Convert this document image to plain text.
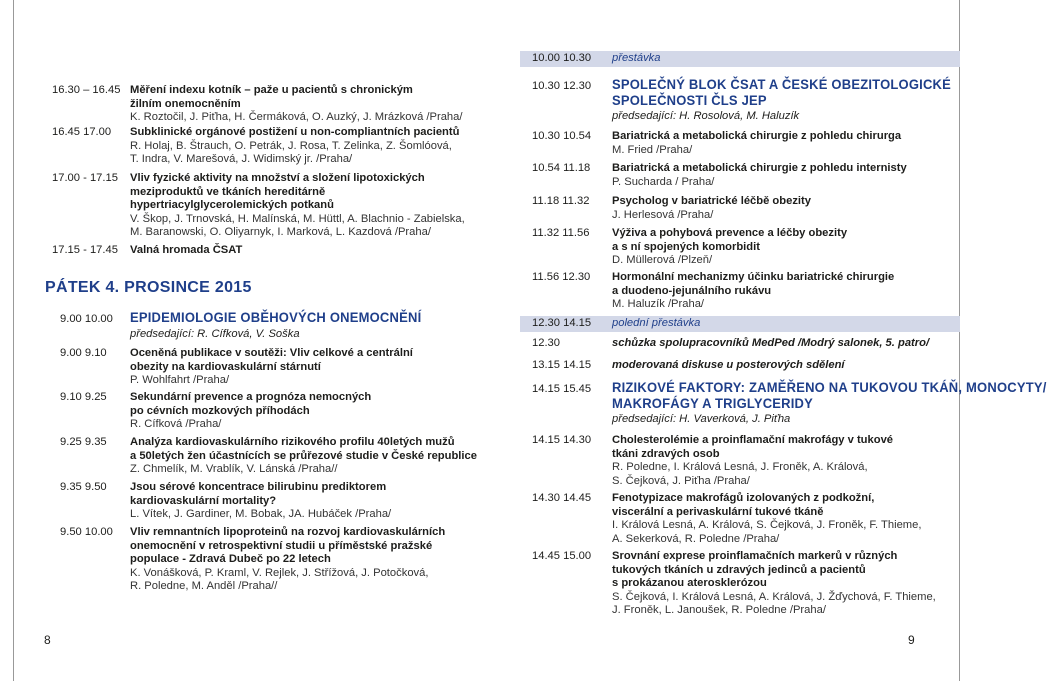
16.30 – 16.45 Měření indexu kotník – paže u pacientů s chronickým
žilním onemocněním
K. Roztočil, J. Piťha, H. Čermáková, O. Auzký, J. Mrázková /Praha/
16.45 17.00 Subklinické orgánové postižení u non-compliantních pacientů
R. Holaj, B. Štrauch, O. Petrák, J. Rosa, T. Zelinka, Z. Šomlóová,
T. Indra, V. Marešová, J. Widimský jr. /Praha/
17.00 - 17.15 Vliv fyzické aktivity na množství a složení lipotoxických
meziproduktů ve tkáních hereditárně
hypertriacylglycerolemických potkanů
V. Škop, J. Trnovská, H. Malínská, M. Hüttl, A. Blachnio - Zabielska,
M. Baranowski, O. Oliyarnyk, I. Marková, L. Kazdová /Praha/
17.15 - 17.45 Valná hromada ČSAT
PÁTEK 4. PROSINCE 2015
9.00 10.00 EPIDEMIOLOGIE OBĚHOVÝCH ONEMOCNĚNÍ
předsedající: R. Cífková, V. Soška
9.00 9.10 Oceněná publikace v soutěži: Vliv celkové a centrální
obezity na kardiovaskulární stárnutí
P. Wohlfahrt /Praha/
9.10 9.25 Sekundární prevence a prognóza nemocných
po cévních mozkových příhodách
R. Cífková /Praha/
9.25 9.35 Analýza kardiovaskulárního rizikového profilu 40letých mužů
a 50letých žen účastnících se průřezové studie v České republice
Z. Chmelík, M. Vrablík, V. Lánská /Praha//
9.35 9.50 Jsou sérové koncentrace bilirubinu prediktorem
kardiovaskulární mortality?
L. Vítek, J. Gardiner, M. Bobak, JA. Hubáček /Praha/
9.50 10.00 Vliv remnantních lipoproteinů na rozvoj kardiovaskulárních
onemocnění v retrospektivní studii u příměstské pražské
populace - Zdravá Dubeč po 22 letech
K. Vonášková, P. Kraml, V. Rejlek, J. Střížová, J. Potočková,
R. Poledne, M. Anděl /Praha//
8
10.00 10.30	přestávka
10.30 12.30 SPOLEČNÝ BLOK ČSAT A ČESKÉ OBEZITOLOGICKÉ
SPOLEČNOSTI ČLS JEP
předsedající: H. Rosolová, M. Haluzík
10.30 10.54 Bariatrická a metabolická chirurgie z pohledu chirurga
M. Fried /Praha/
10.54 11.18 Bariatrická a metabolická chirurgie z pohledu internisty
P. Sucharda / Praha/
11.18 11.32 Psycholog v bariatrické léčbě obezity
J. Herlesová /Praha/
11.32 11.56 Výživa a pohybová prevence a léčby obezity
a s ní spojených komorbidit
D. Müllerová /Plzeň/
11.56 12.30 Hormonální mechanizmy účinku bariatrické chirurgie
a duodeno-jejunálního rukávu
M. Haluzík /Praha/
12.30 14.15	polední přestávka
12.30	schůzka spolupracovníků MedPed /Modrý salonek, 5. patro/
13.15 14.15 moderovaná diskuse u posterových sdělení
14.15 15.45 RIZIKOVÉ FAKTORY: ZAMĚŘENO NA TUKOVOU TKÁŇ, MONOCYTY/
MAKROFÁGY A TRIGLYCERIDY
předsedající: H. Vaverková, J. Piťha
14.15 14.30 Cholesterolémie a proinflamační makrofágy v tukové
tkáni zdravých osob
R. Poledne, I. Králová Lesná, J. Froněk, A. Králová,
S. Čejková, J. Piťha /Praha/
14.30 14.45 Fenotypizace makrofágů izolovaných z podkožní,
viscerální a perivaskulární tukové tkáně
I. Králová Lesná, A. Králová, S. Čejková, J. Froněk, F. Thieme,
A. Sekerková, R. Poledne /Praha/
14.45 15.00 Srovnání exprese proinflamačních markerů v různých
tukových tkáních u zdravých jedinců a pacientů
s prokázanou aterosklerózou
S. Čejková, I. Králová Lesná, A. Králová, J. Žďychová, F. Thieme,
J. Froněk, L. Janoušek, R. Poledne /Praha/
9
